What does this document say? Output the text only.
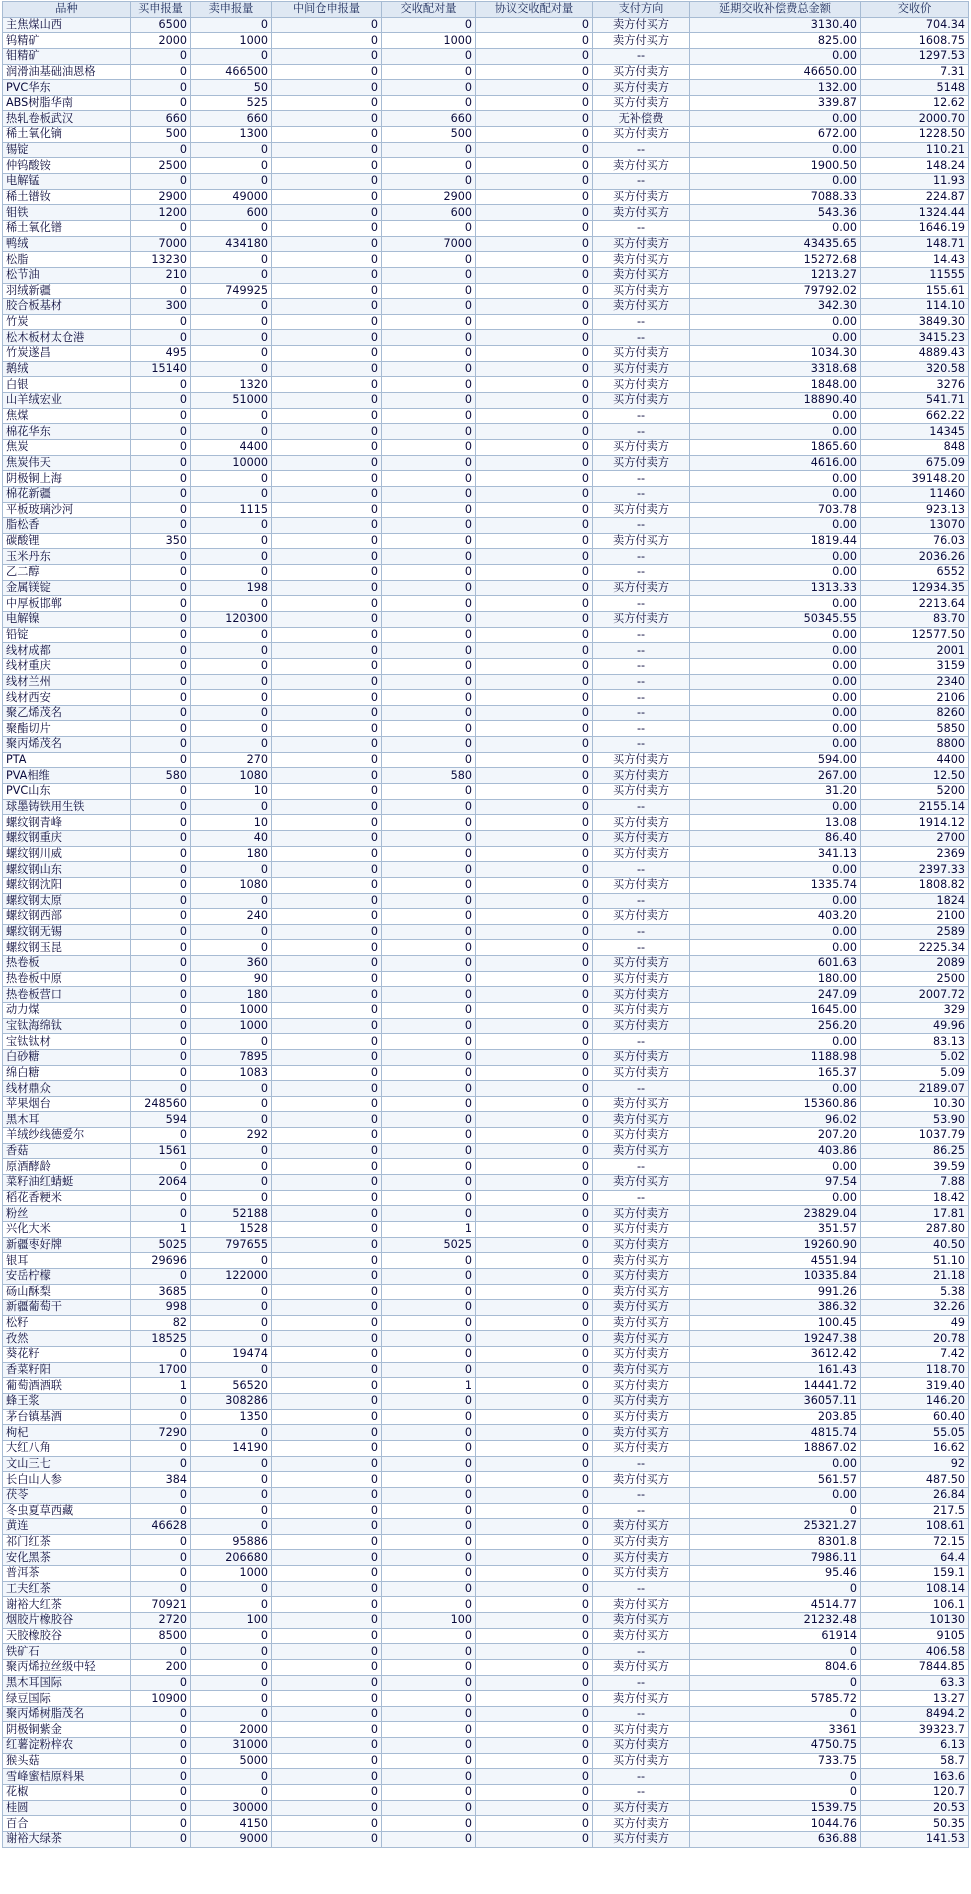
品种	买申报量	卖申报量	中间仓申报量	交收配对量	协议交收配对量	支付方向	延期交收补偿费总金额	交收价
主焦煤山西	6500	0	0	0	0	卖方付买方	3130.40	704.34
钨精矿	2000	1000	0	1000	0	卖方付买方	825.00	1608.75
钼精矿	0	0	0	0	0	--	0.00	1297.53
润滑油基础油恩格	0	466500	0	0	0	买方付卖方	46650.00	7.31
PVC华东	0	50	0	0	0	买方付卖方	132.00	5148
ABS树脂华南	0	525	0	0	0	买方付卖方	339.87	12.62
热轧卷板武汉	660	660	0	660	0	无补偿费	0.00	2000.70
稀土氧化镝	500	1300	0	500	0	买方付卖方	672.00	1228.50
锡锭	0	0	0	0	0	--	0.00	110.21
仲钨酸铵	2500	0	0	0	0	卖方付买方	1900.50	148.24
电解锰	0	0	0	0	0	--	0.00	11.93
稀土镨钕	2900	49000	0	2900	0	买方付卖方	7088.33	224.87
钼铁	1200	600	0	600	0	卖方付买方	543.36	1324.44
稀土氧化镨	0	0	0	0	0	--	0.00	1646.19
鸭绒	7000	434180	0	7000	0	买方付卖方	43435.65	148.71
松脂	13230	0	0	0	0	卖方付买方	15272.68	14.43
松节油	210	0	0	0	0	卖方付买方	1213.27	11555
羽绒新疆	0	749925	0	0	0	买方付卖方	79792.02	155.61
胶合板基材	300	0	0	0	0	卖方付买方	342.30	114.10
竹炭	0	0	0	0	0	--	0.00	3849.30
松木板材太仓港	0	0	0	0	0	--	0.00	3415.23
竹炭遂昌	495	0	0	0	0	买方付卖方	1034.30	4889.43
鹅绒	15140	0	0	0	0	买方付卖方	3318.68	320.58
白银	0	1320	0	0	0	买方付卖方	1848.00	3276
山羊绒宏业	0	51000	0	0	0	买方付卖方	18890.40	541.71
焦煤	0	0	0	0	0	--	0.00	662.22
棉花华东	0	0	0	0	0	--	0.00	14345
焦炭	0	4400	0	0	0	买方付卖方	1865.60	848
焦炭伟天	0	10000	0	0	0	买方付卖方	4616.00	675.09
阴极铜上海	0	0	0	0	0	--	0.00	39148.20
棉花新疆	0	0	0	0	0	--	0.00	11460
平板玻璃沙河	0	1115	0	0	0	买方付卖方	703.78	923.13
脂松香	0	0	0	0	0	--	0.00	13070
碳酸锂	350	0	0	0	0	卖方付买方	1819.44	76.03
玉米丹东	0	0	0	0	0	--	0.00	2036.26
乙二醇	0	0	0	0	0	--	0.00	6552
金属镁锭	0	198	0	0	0	买方付卖方	1313.33	12934.35
中厚板邯郸	0	0	0	0	0	--	0.00	2213.64
电解镍	0	120300	0	0	0	买方付卖方	50345.55	83.70
铅锭	0	0	0	0	0	--	0.00	12577.50
线材成都	0	0	0	0	0	--	0.00	2001
线材重庆	0	0	0	0	0	--	0.00	3159
线材兰州	0	0	0	0	0	--	0.00	2340
线材西安	0	0	0	0	0	--	0.00	2106
聚乙烯茂名	0	0	0	0	0	--	0.00	8260
聚酯切片	0	0	0	0	0	--	0.00	5850
聚丙烯茂名	0	0	0	0	0	--	0.00	8800
PTA	0	270	0	0	0	买方付卖方	594.00	4400
PVA相维	580	1080	0	580	0	买方付卖方	267.00	12.50
PVC山东	0	10	0	0	0	买方付卖方	31.20	5200
球墨铸铁用生铁	0	0	0	0	0	--	0.00	2155.14
螺纹钢青峰	0	10	0	0	0	买方付卖方	13.08	1914.12
螺纹钢重庆	0	40	0	0	0	买方付卖方	86.40	2700
螺纹钢川威	0	180	0	0	0	买方付卖方	341.13	2369
螺纹钢山东	0	0	0	0	0	--	0.00	2397.33
螺纹钢沈阳	0	1080	0	0	0	买方付卖方	1335.74	1808.82
螺纹钢太原	0	0	0	0	0	--	0.00	1824
螺纹钢西部	0	240	0	0	0	买方付卖方	403.20	2100
螺纹钢无锡	0	0	0	0	0	--	0.00	2589
螺纹钢玉昆	0	0	0	0	0	--	0.00	2225.34
热卷板	0	360	0	0	0	买方付卖方	601.63	2089
热卷板中原	0	90	0	0	0	买方付卖方	180.00	2500
热卷板营口	0	180	0	0	0	买方付卖方	247.09	2007.72
动力煤	0	1000	0	0	0	买方付卖方	1645.00	329
宝钛海绵钛	0	1000	0	0	0	买方付卖方	256.20	49.96
宝钛钛材	0	0	0	0	0	--	0.00	83.13
白砂糖	0	7895	0	0	0	买方付卖方	1188.98	5.02
绵白糖	0	1083	0	0	0	买方付卖方	165.37	5.09
线材鼎众	0	0	0	0	0	--	0.00	2189.07
苹果烟台	248560	0	0	0	0	卖方付买方	15360.86	10.30
黑木耳	594	0	0	0	0	卖方付买方	96.02	53.90
羊绒纱线德爱尔	0	292	0	0	0	买方付卖方	207.20	1037.79
香菇	1561	0	0	0	0	卖方付买方	403.86	86.25
原酒酵龄	0	0	0	0	0	--	0.00	39.59
菜籽油红蜻蜓	2064	0	0	0	0	卖方付买方	97.54	7.88
稻花香粳米	0	0	0	0	0	--	0.00	18.42
粉丝	0	52188	0	0	0	买方付卖方	23829.04	17.81
兴化大米	1	1528	0	1	0	买方付卖方	351.57	287.80
新疆枣好牌	5025	797655	0	5025	0	买方付卖方	19260.90	40.50
银耳	29696	0	0	0	0	卖方付买方	4551.94	51.10
安岳柠檬	0	122000	0	0	0	买方付卖方	10335.84	21.18
砀山酥梨	3685	0	0	0	0	卖方付买方	991.26	5.38
新疆葡萄干	998	0	0	0	0	卖方付买方	386.32	32.26
松籽	82	0	0	0	0	卖方付买方	100.45	49
孜然	18525	0	0	0	0	卖方付买方	19247.38	20.78
葵花籽	0	19474	0	0	0	买方付卖方	3612.42	7.42
香菜籽阳	1700	0	0	0	0	卖方付买方	161.43	118.70
葡萄酒酒联	1	56520	0	1	0	买方付卖方	14441.72	319.40
蜂王浆	0	308286	0	0	0	买方付卖方	36057.11	146.20
茅台镇基酒	0	1350	0	0	0	买方付卖方	203.85	60.40
枸杞	7290	0	0	0	0	卖方付买方	4815.74	55.05
大红八角	0	14190	0	0	0	买方付卖方	18867.02	16.62
文山三七	0	0	0	0	0	--	0.00	92
长白山人参	384	0	0	0	0	卖方付买方	561.57	487.50
茯苓	0	0	0	0	0	--	0.00	26.84
冬虫夏草西藏	0	0	0	0	0	--	0	217.5
黄连	46628	0	0	0	0	卖方付买方	25321.27	108.61
祁门红茶	0	95886	0	0	0	买方付卖方	8301.8	72.15
安化黑茶	0	206680	0	0	0	买方付卖方	7986.11	64.4
普洱茶	0	1000	0	0	0	买方付卖方	95.46	159.1
工夫红茶	0	0	0	0	0	--	0	108.14
谢裕大红茶	70921	0	0	0	0	卖方付买方	4514.77	106.1
烟胶片橡胶谷	2720	100	0	100	0	卖方付买方	21232.48	10130
天胶橡胶谷	8500	0	0	0	0	卖方付买方	61914	9105
铁矿石	0	0	0	0	0	--	0	406.58
聚丙烯拉丝级中轻	200	0	0	0	0	卖方付买方	804.6	7844.85
黑木耳国际	0	0	0	0	0	--	0	63.3
绿豆国际	10900	0	0	0	0	卖方付买方	5785.72	13.27
聚丙烯树脂茂名	0	0	0	0	0	--	0	8494.2
阴极铜紫金	0	2000	0	0	0	买方付卖方	3361	39323.7
红薯淀粉梓农	0	31000	0	0	0	买方付卖方	4750.75	6.13
猴头菇	0	5000	0	0	0	买方付卖方	733.75	58.7
雪峰蜜桔原料果	0	0	0	0	0	--	0	163.6
花椒	0	0	0	0	0	--	0	120.7
桂圆	0	30000	0	0	0	买方付卖方	1539.75	20.53
百合	0	4150	0	0	0	买方付卖方	1044.76	50.35
谢裕大绿茶	0	9000	0	0	0	买方付卖方	636.88	141.53
